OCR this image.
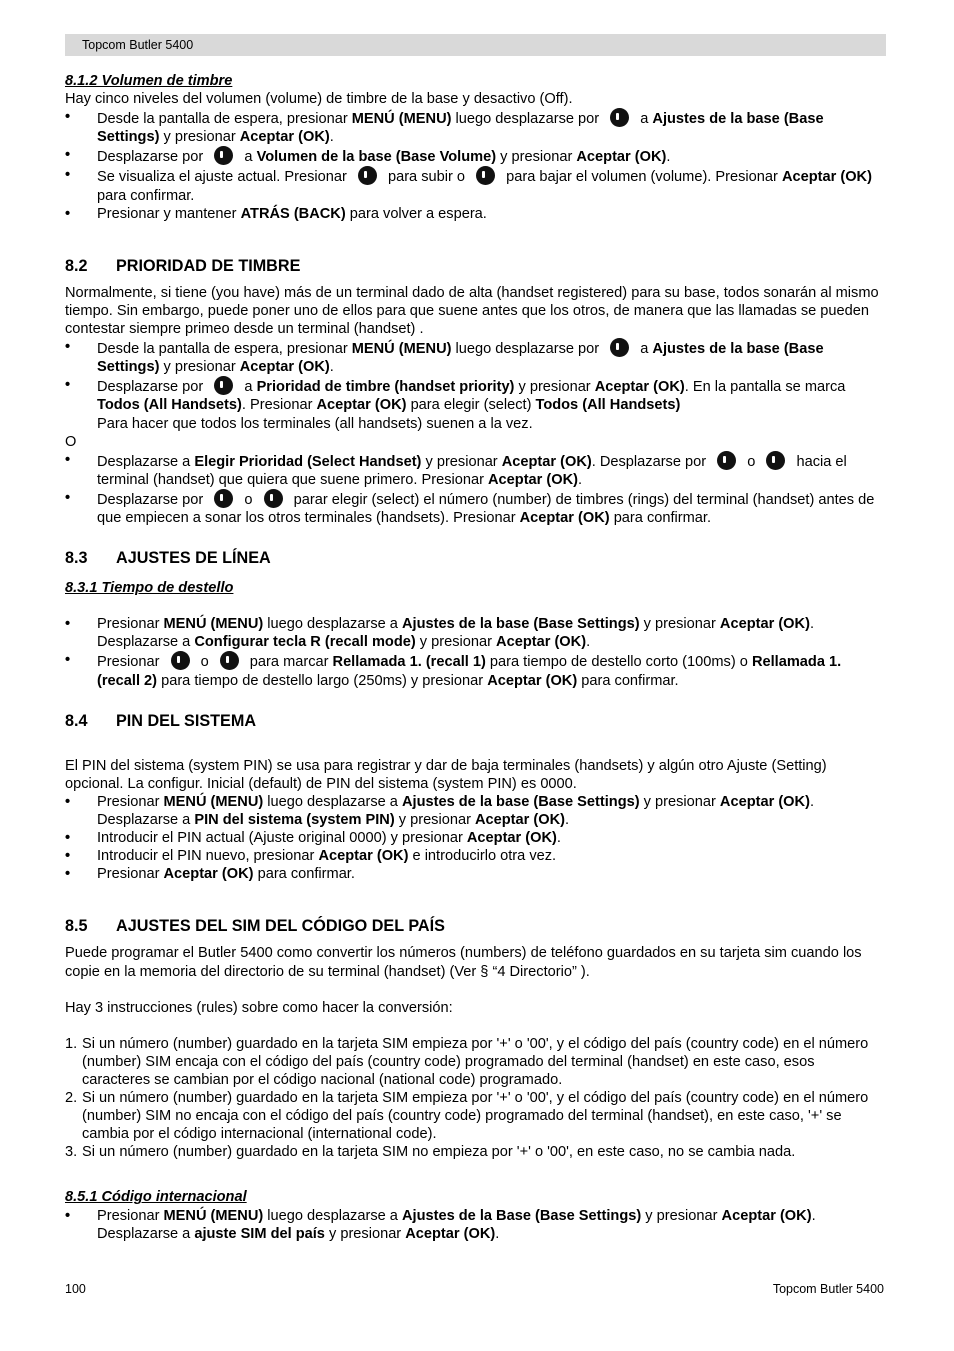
Topcom Butler 5400

8.1.2 Volumen de timbre

Hay cinco niveles del volumen (volume) de timbre de la base y desactivo (Off).

• Desde la pantalla de espera, presionar MENÚ (MENU) luego desplazarse por  a Ajustes de la base (Base Settings) y presionar Aceptar (OK).
• Desplazarse por  a Volumen de la base (Base Volume) y presionar Aceptar (OK).
• Se visualiza el ajuste actual. Presionar  para subir o  para bajar el volumen (volume). Presionar Aceptar (OK) para confirmar.
• Presionar y mantener ATRÁS (BACK) para volver a espera.
8.2 PRIORIDAD DE TIMBRE

Normalmente, si tiene (you have) más de un terminal dado de alta (handset registered) para su base, todos sonarán al mismo tiempo. Sin embargo, puede poner uno de ellos para que suene antes que los otros, de manera que las llamadas se pueden contestar siempre primeo desde un terminal (handset) .

• Desde la pantalla de espera, presionar MENÚ (MENU) luego desplazarse por  a Ajustes de la base (Base Settings) y presionar Aceptar (OK).
• Desplazarse por  a Prioridad de timbre (handset priority) y presionar Aceptar (OK). En la pantalla se marca Todos (All Handsets). Presionar Aceptar (OK) para elegir (select) Todos (All Handsets)
Para hacer que todos los terminales (all handsets) suenen a la vez.

O

• Desplazarse a Elegir Prioridad (Select Handset) y presionar Aceptar (OK). Desplazarse por  o  hacia el terminal (handset) que quiera que suene primero. Presionar Aceptar (OK).
• Desplazarse por  o  parar elegir (select) el número (number) de timbres (rings) del terminal (handset) antes de que empiecen a sonar los otros terminales (handsets). Presionar Aceptar (OK) para confirmar.
8.3 AJUSTES DE LÍNEA

8.3.1 Tiempo de destello

• Presionar MENÚ (MENU) luego desplazarse a Ajustes de la base (Base Settings) y presionar Aceptar (OK). Desplazarse a Configurar tecla R (recall mode) y presionar Aceptar (OK).
• Presionar  o  para marcar Rellamada 1. (recall 1) para tiempo de destello corto (100ms) o Rellamada 1. (recall 2) para tiempo de destello largo (250ms) y presionar Aceptar (OK) para confirmar.
8.4 PIN DEL SISTEMA

El PIN del sistema (system PIN) se usa para registrar y dar de baja terminales (handsets) y algún otro Ajuste (Setting) opcional. La configur. Inicial (default) de PIN del sistema (system PIN) es 0000.

• Presionar MENÚ (MENU) luego desplazarse a Ajustes de la base (Base Settings) y presionar Aceptar (OK). Desplazarse a PIN del sistema (system PIN) y presionar Aceptar (OK).
• Introducir el PIN actual (Ajuste original 0000) y presionar Aceptar (OK).
• Introducir el PIN nuevo, presionar Aceptar (OK) e introducirlo otra vez.
• Presionar Aceptar (OK) para confirmar.
8.5 AJUSTES DEL SIM DEL CÓDIGO DEL PAÍS

Puede programar el Butler 5400 como convertir los números (numbers) de teléfono guardados en su tarjeta sim cuando los copie en la memoria del directorio de su terminal (handset) (Ver § “4 Directorio” ).

Hay 3 instrucciones (rules) sobre como hacer la conversión:

1. Si un número (number) guardado en la tarjeta SIM empieza por '+' o '00', y el código del país (country code) en el número (number) SIM encaja con el código del país (country code) programado del terminal (handset) en este caso, esos caracteres se cambian por el código nacional (national code) programado.
2. Si un número (number) guardado en la tarjeta SIM empieza por '+' o '00', y el código del país (country code) en el número (number) SIM no encaja con el código del país (country code) programado del terminal (handset), en este caso, '+' se cambia por el código internacional (international code).
3. Si un número (number) guardado en la tarjeta SIM no empieza por '+' o '00', en este caso, no se cambia nada.

8.5.1 Código internacional

• Presionar MENÚ (MENU) luego desplazarse a Ajustes de la Base (Base Settings) y presionar Aceptar (OK). Desplazarse a ajuste SIM del país y presionar Aceptar (OK).
100	Topcom Butler 5400
